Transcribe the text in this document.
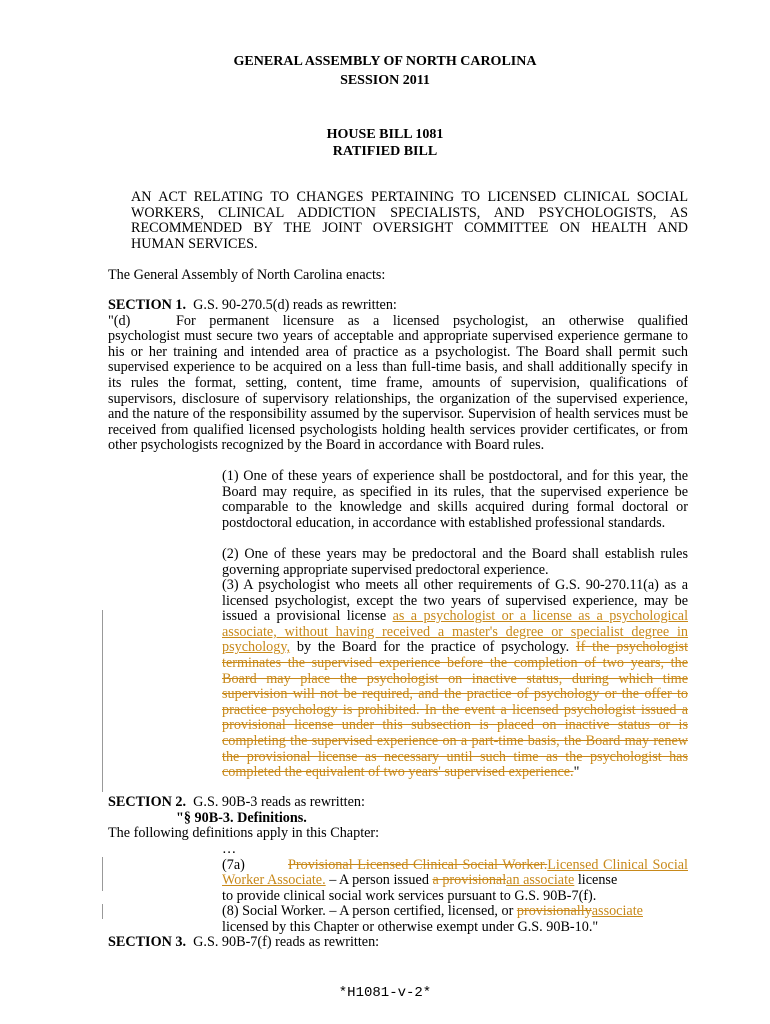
GENERAL ASSEMBLY OF NORTH CAROLINA
SESSION 2011
HOUSE BILL 1081
RATIFIED BILL
AN ACT RELATING TO CHANGES PERTAINING TO LICENSED CLINICAL SOCIAL
WORKERS, CLINICAL ADDICTION SPECIALISTS, AND PSYCHOLOGISTS, AS
RECOMMENDED BY THE JOINT OVERSIGHT COMMITTEE ON HEALTH AND
HUMAN SERVICES.
The General Assembly of North Carolina enacts:
SECTION 1. G.S. 90-270.5(d) reads as rewritten:
"(d)	For permanent licensure as a licensed psychologist, an otherwise qualified
psychologist must secure two years of acceptable and appropriate supervised experience germane to his or her training and intended area of practice as a psychologist. The Board shall permit such supervised experience to be acquired on a less than full-time basis, and shall additionally specify in its rules the format, setting, content, time frame, amounts of supervision, qualifications of supervisors, disclosure of supervisory relationships, the organization of the supervised experience, and the nature of the responsibility assumed by the supervisor. Supervision of health services must be received from qualified licensed psychologists holding health services provider certificates, or from other psychologists recognized by the Board in accordance with Board rules.
(1) One of these years of experience shall be postdoctoral, and for this year, the Board may require, as specified in its rules, that the supervised experience be comparable to the knowledge and skills acquired during formal doctoral or postdoctoral education, in accordance with established professional standards.
(2) One of these years may be predoctoral and the Board shall establish rules governing appropriate supervised predoctoral experience.
(3) A psychologist who meets all other requirements of G.S. 90-270.11(a) as a licensed psychologist, except the two years of supervised experience, may be issued a provisional license as a psychologist or a license as a psychological associate, without having received a master's degree or specialist degree in psychology, by the Board for the practice of psychology. If the psychologist terminates the supervised experience before the completion of two years, the Board may place the psychologist on inactive status, during which time supervision will not be required, and the practice of psychology or the offer to practice psychology is prohibited. In the event a licensed psychologist issued a provisional license under this subsection is placed on inactive status or is completing the supervised experience on a part-time basis, the Board may renew the provisional license as necessary until such time as the psychologist has completed the equivalent of two years' supervised experience."
SECTION 2. G.S. 90B-3 reads as rewritten:
"§ 90B-3. Definitions.
The following definitions apply in this Chapter:
…
(7a)	Provisional Licensed Clinical Social Worker.Licensed Clinical Social Worker Associate. – A person issued a provisionalan associate license
to provide clinical social work services pursuant to G.S. 90B-7(f).
(8) Social Worker. – A person certified, licensed, or provisionallyassociate
licensed by this Chapter or otherwise exempt under G.S. 90B-10."
SECTION 3. G.S. 90B-7(f) reads as rewritten:
*H1081-v-2*
